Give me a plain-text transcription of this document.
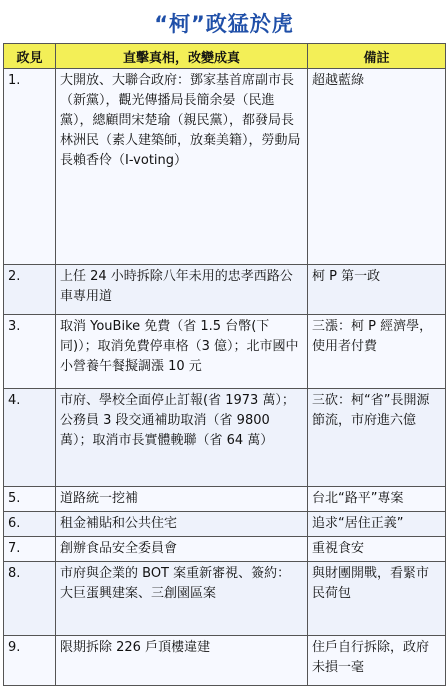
“柯”政猛於虎
政見	直擊真相，改變成真	備註
1.	大開放、大聯合政府：鄧家基首席副市長（新黨），觀光傳播局長簡余晏（民進黨），總顧問宋楚瑜（親民黨），都發局長林洲民（素人建築師，放棄美籍），勞動局長賴香伶（I-voting）	超越藍綠
2.	上任 24 小時拆除八年未用的忠孝西路公車專用道	柯 P 第一政
3.	取消 YouBike 免費（省 1.5 台幣(下同)）；取消免費停車格（3 億）；北市國中小營養午餐擬調漲 10 元	三漲：柯 P 經濟學，使用者付費
4.	市府、學校全面停止訂報(省 1973 萬）；公務員 3 段交通補助取消（省 9800 萬）；取消市長實體輓聯（省 64 萬）	三砍：柯“省”長開源節流，市府進六億
5.	道路統一挖補	台北“路平”專案
6.	租金補貼和公共住宅	追求“居住正義”
7.	創辦食品安全委員會	重視食安
8.	市府與企業的 BOT 案重新審視、簽約：大巨蛋興建案、三創園區案	與財團開戰，看緊市民荷包
9.	限期拆除 226 戶頂樓違建	住戶自行拆除，政府未損一毫
